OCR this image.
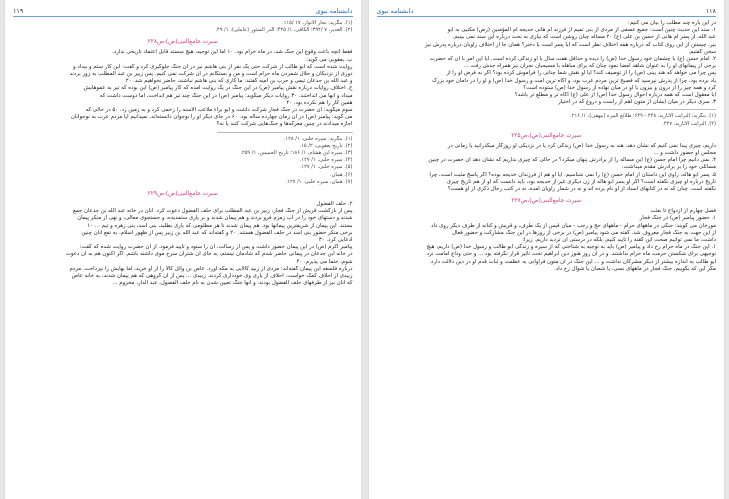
۱۱۸
دانشنامه نبوی
در این باره چند مطلب را بیان می کنیم:
۱. سند این حدیث چنین است: جمیع عصفی از مردی از بنی تمیم از فرزند ام هانی خدیجه ام المؤمنین (رض) مکتبی به ابو
عبد الله، از پسر ام هانی از حسن بن علی (ع) ۲۰ مسأله چنان روشن است که نیازی به بحث درباره این سند نمی بینیم.
بیر، چیستن از این روی کتاب که درباره همه اختلاف نظر است که آیا پسر است یا دختر؟ همان جا از اختلاف راویان درباره پدرش نیز
سخن گفتیم.
۲. امام حسن (ع) با چشمان خود رسول خدا (ص) را دیده و حداقل هفت سال با او زندگی کرده است. آیا این امر با آن که حضرت
برخی از پیمانهای او را به عنوان شاهد امضا نمود چنان که برای مباهله با مسیحیان نجران نیز همراه جدش رفت ...
پس چرا می خواهد که هند بینی (ص) را از توصیف کند؟ آیا او نقش شما چنانی را فراموش کرده بود؟ اگر به فرض او را از
یاد برده بود، چرا از پدرش نپرسید که فصیح ترین مردم عرب بود، و آگاه ترین امت و رسول خدا (ص) و او را در دامان خود بزرگ
کرد و همه چیز را از درون و بیرون با او در میان نهاده از رسول خدا (ص) ستوده است؟
آیا معقول است که همه درباره احوال رسول خدا (ص) از علی (ع) آگاه تر و مطلع تر باشد؟
۳. سری دیگر در میان ایشان از متون اهم از راست و دروغ که در اختیار
(۱). بنگرید: الترایب الاثارید، ۴۴۸ - ۶۴۹؛ طلائع البیره (بیهقی)، ۱/ ۲۱۶.
(۲). الترایب الاثارید، ۴۴۷.
سیرت جامع‌النبی(ص)،ص۲۲۵
داریم، چیزی پیدا نمی کنیم که نشان دهد، هند به رسول خدا (ص) زندگی کرد یا در نزدیکی او روزگار میگذرانید یا زمانی در
مجلس او حضور داشت و ...
۴. نمی دانیم چرا امام حسن (ع) این مسأله را از برادرش پنهان میکرد؟ در حالی که چیزی نداریم که نشان دهد آن حضرت در چنین
مسائلی خود را بر برادرش مقدم میداشت.
۵. پسر ابو هاله، راوی این داستان از امام حسن (ع) را نمی شناسیم. آیا او هم از فرزندان خدیجه بوده؟ اگر پاسخ مثبت است، چرا
تاریخ درباره او چیزی نگفته است؟ اگر او پسر ابو هاله از زن دیگری غیر از خدیجه بود، باید دانست که او از هم تاریخ چیزی
نگفته است. چنان که نه در کتابهای اسناد از او نام برده اند و نه در شمار راویان امده، نه در کتب رجال ذکری از او هست؟
سیرت جامع‌النبی(ص)،ص۲۲۷
فصل چهارم از ازدواج تا بعثت
۱. حضور پیامبر (ص) در جنگ فجار
مورخان می گویند: جنگی در ماههای حرام - ماههای حج و رجب - میان قیس از یک طرف، و قریش و کنانه از طرف دیگر روی داد
از این جهت به جنگ فجار معروف شد. گفته می شود پیامبر (ص) در برخی از روزها در این جنگ مشارکت و حضور فعال
داشت، ما نمی توانیم صحت این گفته را تایید کنیم، بلکه در درستی آن تردید داریم. زیرا:
۱. این جنگ در ماه حرام رخ داد و پیامبر (ص) باید به توجیه به شناختی که از سیره و زندگی ابو طالب و رسول خدا (ص) داریم، هیچ
توجیهی برای شکستن حرمت ماه حرام نداشتند. و در آن روز هنوز دین ابراهیم تحت تاثیر قرار نگرفته بود ... و حتی وداع امامت نزد
ابو طالب به اندازه بیشتر از دیگر مشرکان نداشت و ... این جنگ در آن متون فراوانی به عظمت و ثبات قدم او در دین دلالت دارد.
مگر این که بگوییم، جنگ فجار در ماههای نسی، یا شعبان یا شوال رخ داد.
دانشنامه نبوی
۱۱۹
(۱). بنگرید: بحار الانوار، ۱۷ /۱۱۵.
(۲). الغدیر، ۷ /۳۹۴؛ الکافی، ۱/ ۴۴۵؛ الدر المنثور (عاملی)، ۱/ ۴۹.
سیرت جامع‌النبی(ص)،ص۲۲۸
فقط آنچه باعث وقوع این جنگ شد، در ماه حرام بود. ۱۰ اما این توجیه، هیچ سستد قابل اعتماد تاریخی ندارد.
ب. یعقوبی می گوید:
روایت شده است که ابو طالب از شرکت حتی یک نفر از بنی هاشم نیز در آن جنگ جلوگیری کرد و گفت: این کار ستم و بیداد و
دوری از نزدیکان و حلال شمردن ماه حرام است و من و بستگانم در آن شرکت نمی کنیم. پس زبیر بن عبد المطلب به زور بردند
و عبد الله بن جدعان تیمی و حرب بن امیه گفتند: ما کاری که بنی هاشم نباشند، حاضر نخواهیم شد. ۲۰
ج. اختلاف روایات درباره نقش پیامبر (ص) در این جنگ در یک روایت آمده که کار پیامبر (ص) این بوده که تیر به عموهایش
میداد و آنها می انداختند. ۳۰ روایات دیگر میگوید: پیامبر (ص) در این جنگ چند تیر هم انداخت، اما دوست داشت که
همین کار را هم نکرده بود. ۴۰
سوم میگوید: آن حضرت در جنگ فجار شرکت داشت و ابو براء ملاعب الاسنه را زخمی کرد و به زمین زد. ۵۰ در حالی که
می گوید: پیامبر (ص) در آن زمان چهارده ساله بود. ۶۰ در جای دیگر او را نوجوان دانسته‌اند. نمیدانیم آیا مردم عرب به نوجوانان
اجازه میدادند در چنین معرکه‌ها و جنگ‌هایی شرکت کنند یا نه؟
(۱). بنگرید: سیره حلبی، ۱/ ۱۲۸.
(۲). تاریخ یعقوبی، ۲/ ۱۵.
(۳). سیره ابن هشام، ۱/ ۱۸۶؛ تاریخ الخمیس، ۱/ ۲۵۹.
(۴). سیره حلبی، ۱/ ۱۲۷.
(۵). سیره حلبی، ۱/ ۱۲۷.
(۶). همان.
(۷). همان، سیره حلبی، ۱/ ۱۲۷.
سیرت جامع‌النبی(ص)،ص۲۲۹
۲. حلف الفضول
پس از بازگشت قریش از جنگ فجار، زبیر بن عبد المطلب برای حلف الفضول دعوت کرد. آنان در خانه عبد الله بن جدعان جمع
شدند و دستهای خود را در آب زمزم فرو بردند و هم پیمان شدند و بر یاری ستمدیده، و جستجوی معالی، و نهی از منکر پیمان
بستند. این پیمان از شریفترین پیمانها بود. هم پیمان شدند تا هر مظلومی که یاری بطلبد، بنی اسد، بنی زهره و تیم ... ۱۰
برخی منکر حضور بنی اسد در حلف الفضول هستند. ۲۰ و گفته‌اند که عبد الله بن زبیر پس از ظهور اسلام، به نفع آنان چنین
ادعایی کرد. ۳۰
پیامبر اکرم (ص) در این پیمان حضور داشت و پس از رسالت، آن را ستود و تایید فرمود. از آن حضرت روایت شده که گفت:
در خانه ابن جدعان در پیمانی حاضر شدم که شادمان نیستم، به جای آن شتران سرخ موی داشته باشم. اگر اکنون هم به آن دعوت
شوم، حتما می پذیرم. ۴۰
درباره فلسفه این پیمان گفته‌اند: مردی از زبید کالایی به مکه آورد. عاص بن وائل کالا را از او خرید، اما بهایش را نپرداخت. مردم
زبیدی از احلاف کمک خواست. احلاف از یاری وی خودداری کردند. زبیدی ... پس از آن گروهی که هم پیمان شدند، به خانه عاص
که آنان نیز از طرفهای حلف الفضول بودند. و آنها جنگ تعیین شدن به نام حلف الفضول، عبد الدار، مخزوم ...
